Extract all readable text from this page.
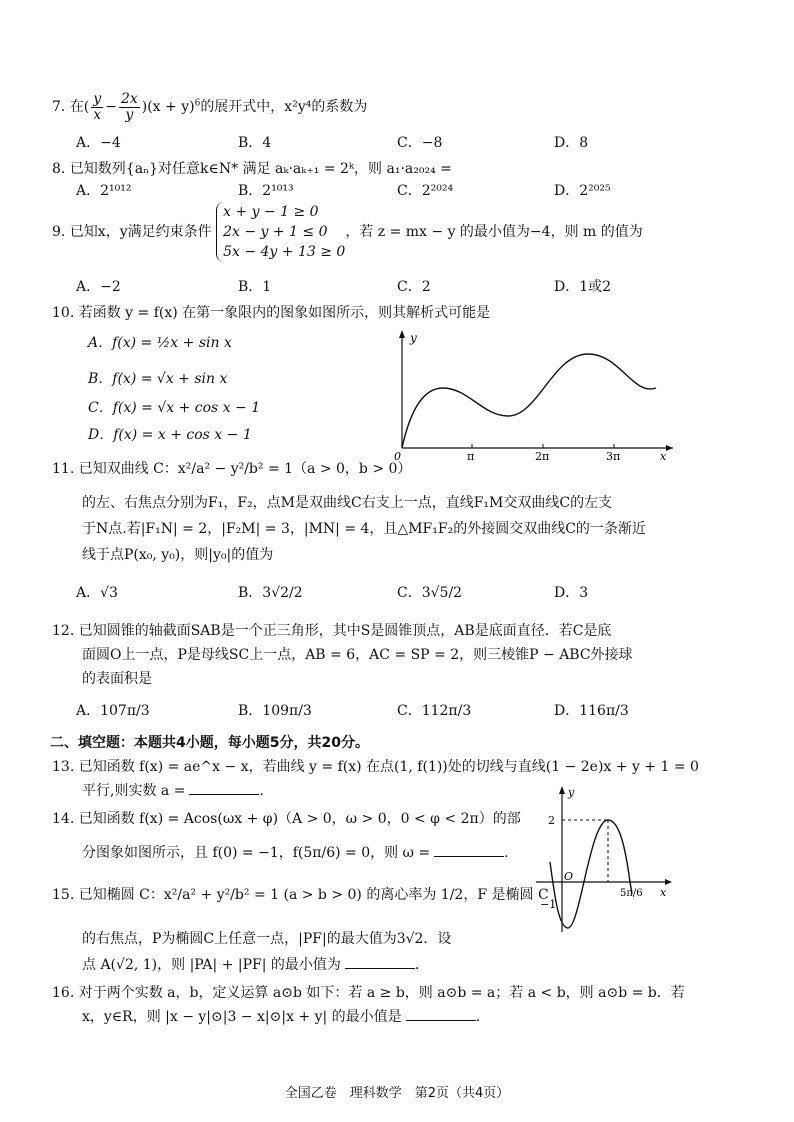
7. 在( $\frac{y}{x} - \frac{2x}{y} )(x + y)^6$的展开式中，x²y⁴的系数为
A．−4	B．4	C．−8	D．8
8. 已知数列{aₙ}对任意k∈N* 满足 aₖ·aₖ₊₁ = 2ᵏ，则 a₁·a₂₀₂₄ =
A．2¹⁰¹²	B．2¹⁰¹³	C．2²⁰²⁴	D．2²⁰²⁵
9. 已知x，y满足约束条件
x + y − 1 ≥ 0
2x − y + 1 ≤ 0
5x − 4y + 13 ≥ 0
，若 z = mx − y 的最小值为−4，则 m 的值为
A．−2	B．1	C．2	D．1或2
10. 若函数 y = f(x) 在第一象限内的图象如图所示，则其解析式可能是
A．f(x) = ½x + sin x
B．f(x) = √x + sin x
C．f(x) = √x + cos x − 1
D．f(x) = x + cos x − 1
y
x
0	π	2π	3π
11. 已知双曲线 C：x²/a² − y²/b² = 1（a > 0，b > 0）
的左、右焦点分别为F₁，F₂，点M是双曲线C右支上一点，直线F₁M交双曲线C的左支
于N点.若|F₁N| = 2，|F₂M| = 3，|MN| = 4，且△MF₁F₂的外接圆交双曲线C的一条渐近
线于点P(x₀, y₀)，则|y₀|的值为
A．√3	B．3√2/2	C．3√5/2	D．3
12. 已知圆锥的轴截面SAB是一个正三角形，其中S是圆锥顶点，AB是底面直径．若C是底
面圆O上一点，P是母线SC上一点，AB = 6，AC = SP = 2，则三棱锥P − ABC外接球
的表面积是
A．107π/3	B．109π/3	C．112π/3	D．116π/3
二、填空题：本题共4小题，每小题5分，共20分。
13. 已知函数 f(x) = ae^x − x，若曲线 y = f(x) 在点(1, f(1))处的切线与直线(1 − 2e)x + y + 1 = 0
平行,则实数 a =	.
14. 已知函数 f(x) = Acos(ωx + φ)（A > 0，ω > 0，0 < φ < 2π）的部
分图象如图所示，且 f(0) = −1，f(5π/6) = 0，则 ω =	.
y
x
O
2
−1
5π/6
15. 已知椭圆 C：x²/a² + y²/b² = 1 (a > b > 0) 的离心率为 1/2，F 是椭圆 C
的右焦点，P为椭圆C上任意一点，|PF|的最大值为3√2．设
点 A(√2, 1)，则 |PA| + |PF| 的最小值为	.
16. 对于两个实数 a，b，定义运算 a⊙b 如下：若 a ≥ b，则 a⊙b = a；若 a < b，则 a⊙b = b．若
x，y∈R，则 |x − y|⊙|3 − x|⊙|x + y| 的最小值是	.
全国乙卷　理科数学　第2页（共4页）
